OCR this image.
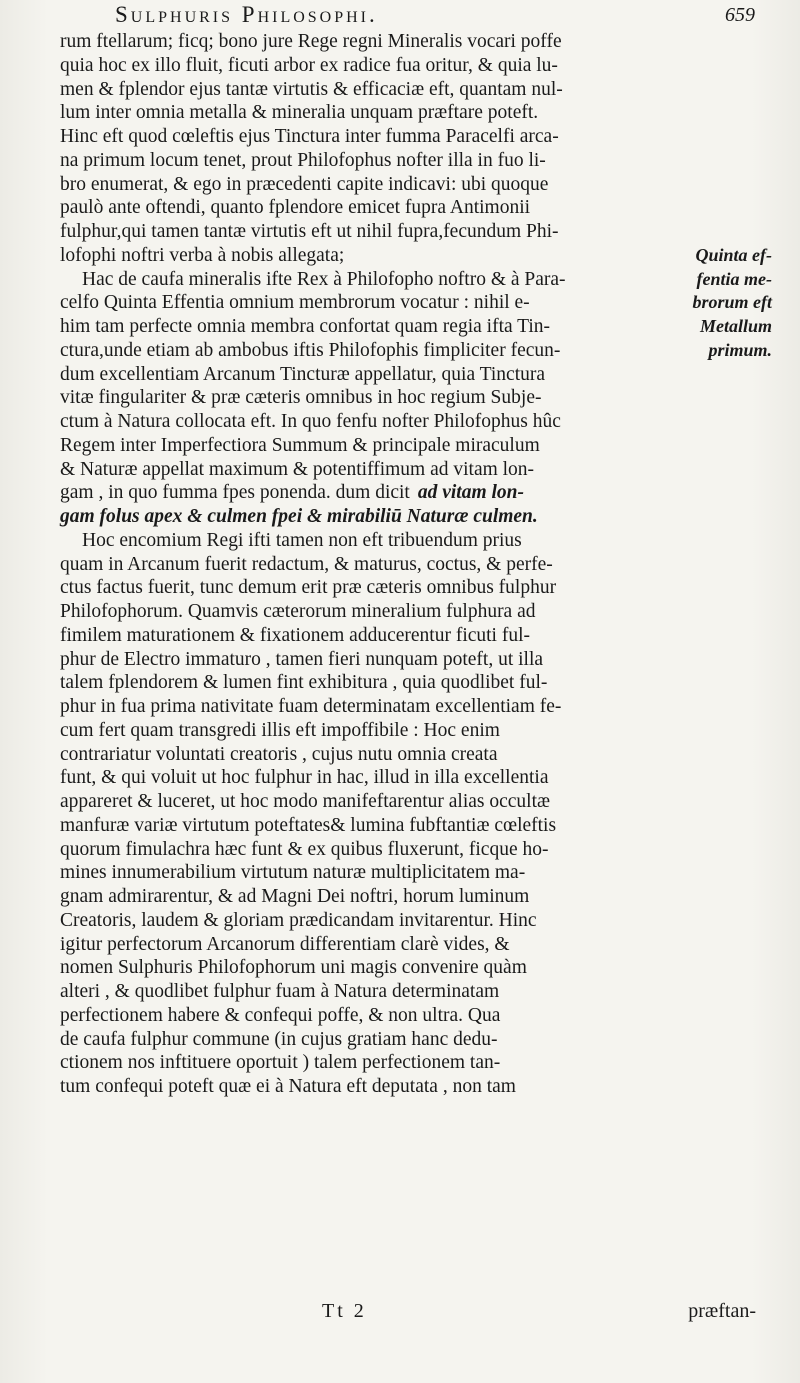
Sulphuris Philosophi.	659
rum ftellarum; ficq; bono jure Rege regni Mineralis vocari poffe
quia hoc ex illo fluit, ficuti arbor ex radice fua oritur, & quia lu-
men & fplendor ejus tantæ virtutis & efficaciæ eft, quantam nul-
lum inter omnia metalla & mineralia unquam præftare poteft.
Hinc eft quod cœleftis ejus Tinctura inter fumma Paracelfi arca-
na primum locum tenet, prout Philofophus nofter illa in fuo li-
bro enumerat, & ego in præcedenti capite indicavi: ubi quoque
paulò ante oftendi, quanto fplendore emicet fupra Antimonii
fulphur,qui tamen tantæ virtutis eft ut nihil fupra,fecundum Phi-
lofophi noftri verba à nobis allegata;	Quinta ef-
Hac de caufa mineralis ifte Rex à Philofopho noftro & à Para-	fentia me-
celfo Quinta Effentia omnium membrorum vocatur : nihil e-	brorum eft
him tam perfecte omnia membra confortat quam regia ifta Tin-	Metallum
ctura,unde etiam ab ambobus iftis Philofophis fimpliciter fecun-	primum.
dum excellentiam Arcanum Tincturæ appellatur, quia Tinctura
vitæ fingulariter & præ cæteris omnibus in hoc regium Subje-
ctum à Natura collocata eft. In quo fenfu nofter Philofophus hûc
Regem inter Imperfectiora Summum & principale miraculum
& Naturæ appellat maximum & potentiffimum ad vitam lon-
gam , in quo fumma fpes ponenda. dum dicit ad vitam lon-
gam folus apex & culmen fpei & mirabiliū Naturæ culmen.
Hoc encomium Regi ifti tamen non eft tribuendum prius
quam in Arcanum fuerit redactum, & maturus, coctus, & perfe-
ctus factus fuerit, tunc demum erit præ cæteris omnibus fulphur
Philofophorum. Quamvis cæterorum mineralium fulphura ad
fimilem maturationem & fixationem adducerentur ficuti ful-
phur de Electro immaturo , tamen fieri nunquam poteft, ut illa
talem fplendorem & lumen fint exhibitura , quia quodlibet ful-
phur in fua prima nativitate fuam determinatam excellentiam fe-
cum fert quam transgredi illis eft impoffibile : Hoc enim
contrariatur voluntati creatoris , cujus nutu omnia creata
funt, & qui voluit ut hoc fulphur in hac, illud in illa excellentia
appareret & luceret, ut hoc modo manifeftarentur alias occultæ
manfuræ variæ virtutum poteftates& lumina fubftantiæ cœleftis
quorum fimulachra hæc funt & ex quibus fluxerunt, ficque ho-
mines innumerabilium virtutum naturæ multiplicitatem ma-
gnam admirarentur, & ad Magni Dei noftri, horum luminum
Creatoris, laudem & gloriam prædicandam invitarentur. Hinc
igitur perfectorum Arcanorum differentiam clarè vides, &
nomen Sulphuris Philofophorum uni magis convenire quàm
alteri , & quodlibet fulphur fuam à Natura determinatam
perfectionem habere & confequi poffe, & non ultra. Qua
de caufa fulphur commune (in cujus gratiam hanc dedu-
ctionem nos inftituere oportuit ) talem perfectionem tan-
tum confequi poteft quæ ei à Natura eft deputata , non tam
Tt 2	præftan-
